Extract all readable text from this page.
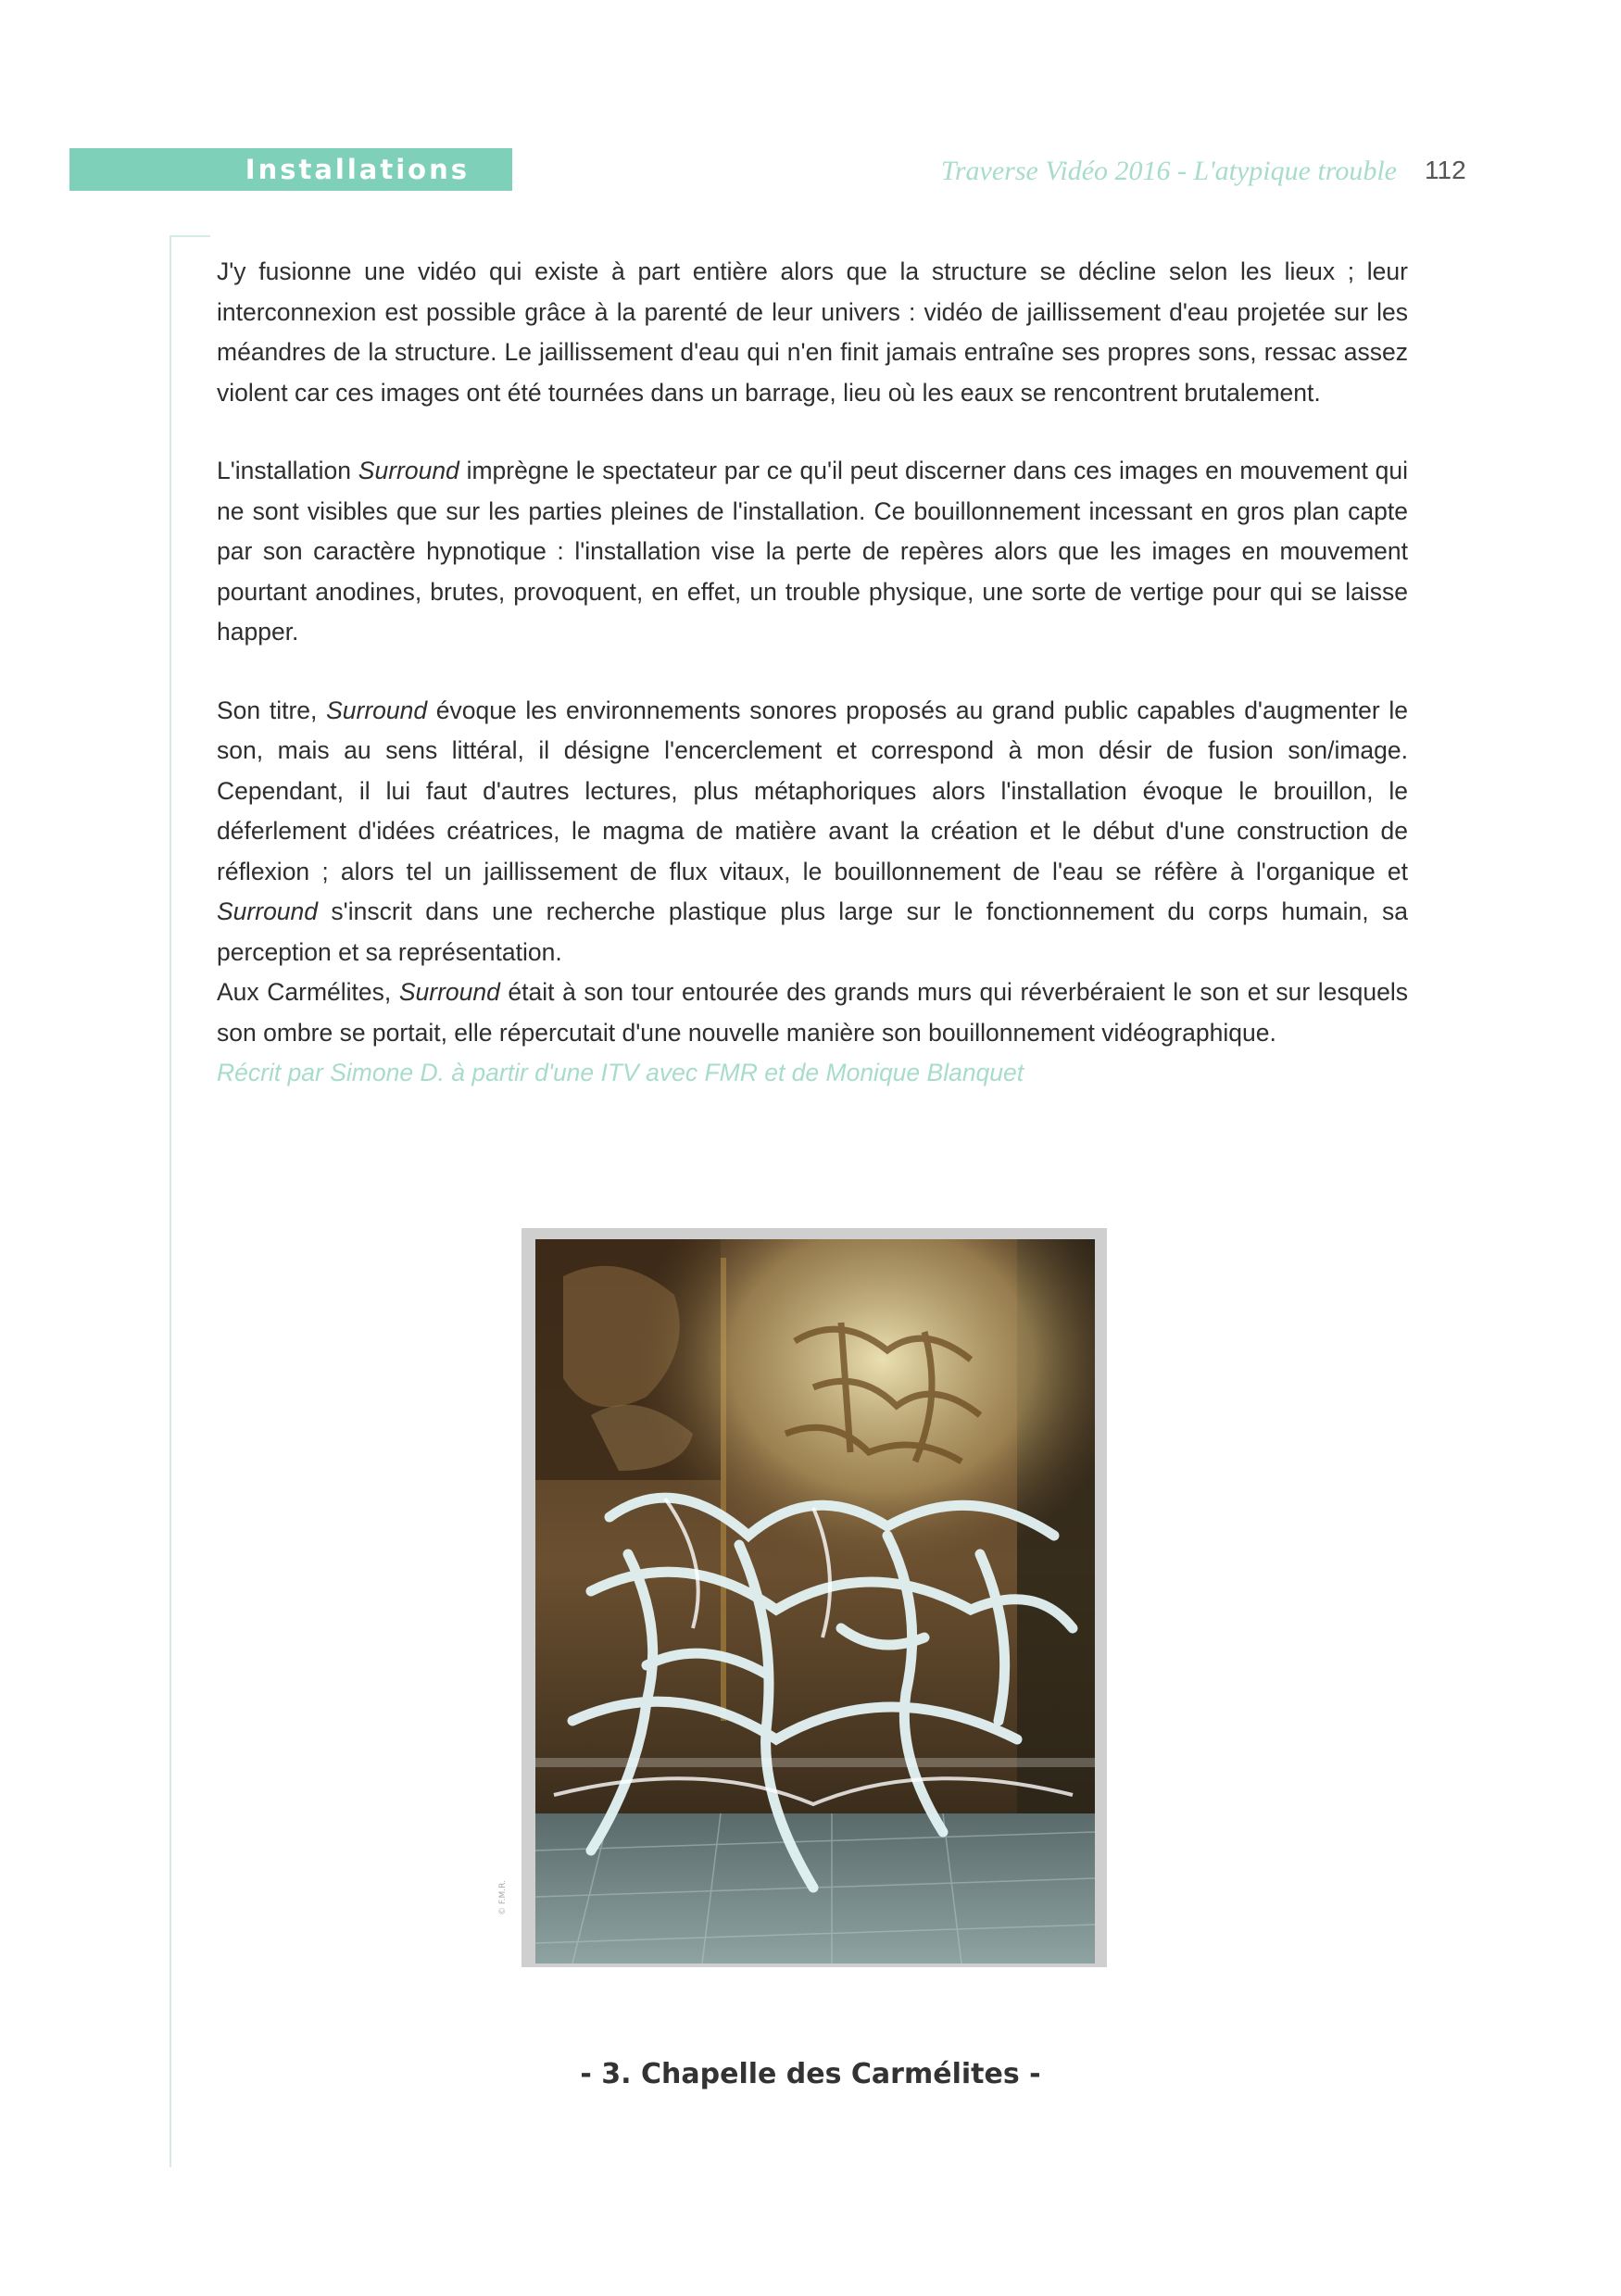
Installations	Traverse Vidéo 2016 - L'atypique trouble 112

J'y fusionne une vidéo qui existe à part entière alors que la structure se décline selon les lieux ; leur interconnexion est possible grâce à la parenté de leur univers : vidéo de jaillissement d'eau projetée sur les méandres de la structure. Le jaillissement d'eau qui n'en finit jamais entraîne ses propres sons, ressac assez violent car ces images ont été tournées dans un barrage, lieu où les eaux se rencontrent brutalement.

L'installation Surround imprègne le spectateur par ce qu'il peut discerner dans ces images en mouvement qui ne sont visibles que sur les parties pleines de l'installation. Ce bouillonnement incessant en gros plan capte par son caractère hypnotique : l'installation vise la perte de repères alors que les images en mouvement pourtant anodines, brutes, provoquent, en effet, un trouble physique, une sorte de vertige pour qui se laisse happer.

Son titre, Surround évoque les environnements sonores proposés au grand public capables d'augmenter le son, mais au sens littéral, il désigne l'encerclement et correspond à mon désir de fusion son/image. Cependant, il lui faut d'autres lectures, plus métaphoriques alors l'installation évoque le brouillon, le déferlement d'idées créatrices, le magma de matière avant la création et le début d'une construction de réflexion ; alors tel un jaillissement de flux vitaux, le bouillonnement de l'eau se réfère à l'organique et Surround s'inscrit dans une recherche plastique plus large sur le fonctionnement du corps humain, sa perception et sa représentation.

Aux Carmélites, Surround était à son tour entourée des grands murs qui réverbéraient le son et sur lesquels son ombre se portait, elle répercutait d'une nouvelle manière son bouillonnement vidéographique.

Récrit par Simone D. à partir d'une ITV avec FMR et de Monique Blanquet

© F.M.R.
- 3. Chapelle des Carmélites -
